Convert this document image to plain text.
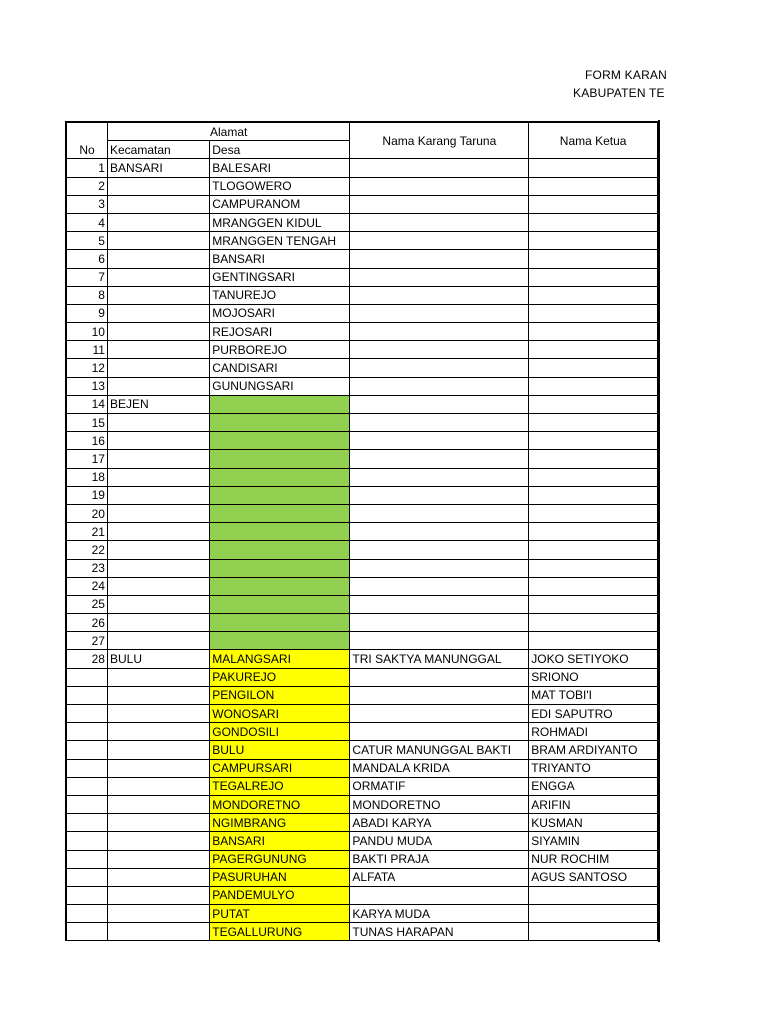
FORM KARAN
KABUPATEN TE
No	Alamat		Nama Karang Taruna	Nama Ketua
	Kecamatan	Desa		
1	BANSARI	BALESARI		
2		TLOGOWERO		
3		CAMPURANOM		
4		MRANGGEN KIDUL		
5		MRANGGEN TENGAH		
6		BANSARI		
7		GENTINGSARI		
8		TANUREJO		
9		MOJOSARI		
10		REJOSARI		
11		PURBOREJO		
12		CANDISARI		
13		GUNUNGSARI		
14	BEJEN			
15				
16				
17				
18				
19				
20				
21				
22				
23				
24				
25				
26				
27				
28	BULU	MALANGSARI	TRI SAKTYA MANUNGGAL	JOKO SETIYOKO
		PAKUREJO		SRIONO
		PENGILON		MAT TOBI'I
		WONOSARI		EDI SAPUTRO
		GONDOSILI		ROHMADI
		BULU	CATUR MANUNGGAL BAKTI	BRAM ARDIYANTO
		CAMPURSARI	MANDALA KRIDA	TRIYANTO
		TEGALREJO	ORMATIF	ENGGA
		MONDORETNO	MONDORETNO	ARIFIN
		NGIMBRANG	ABADI KARYA	KUSMAN
		BANSARI	PANDU MUDA	SIYAMIN
		PAGERGUNUNG	BAKTI PRAJA	NUR ROCHIM
		PASURUHAN	ALFATA	AGUS SANTOSO
		PANDEMULYO		
		PUTAT	KARYA MUDA	
		TEGALLURUNG	TUNAS HARAPAN	
